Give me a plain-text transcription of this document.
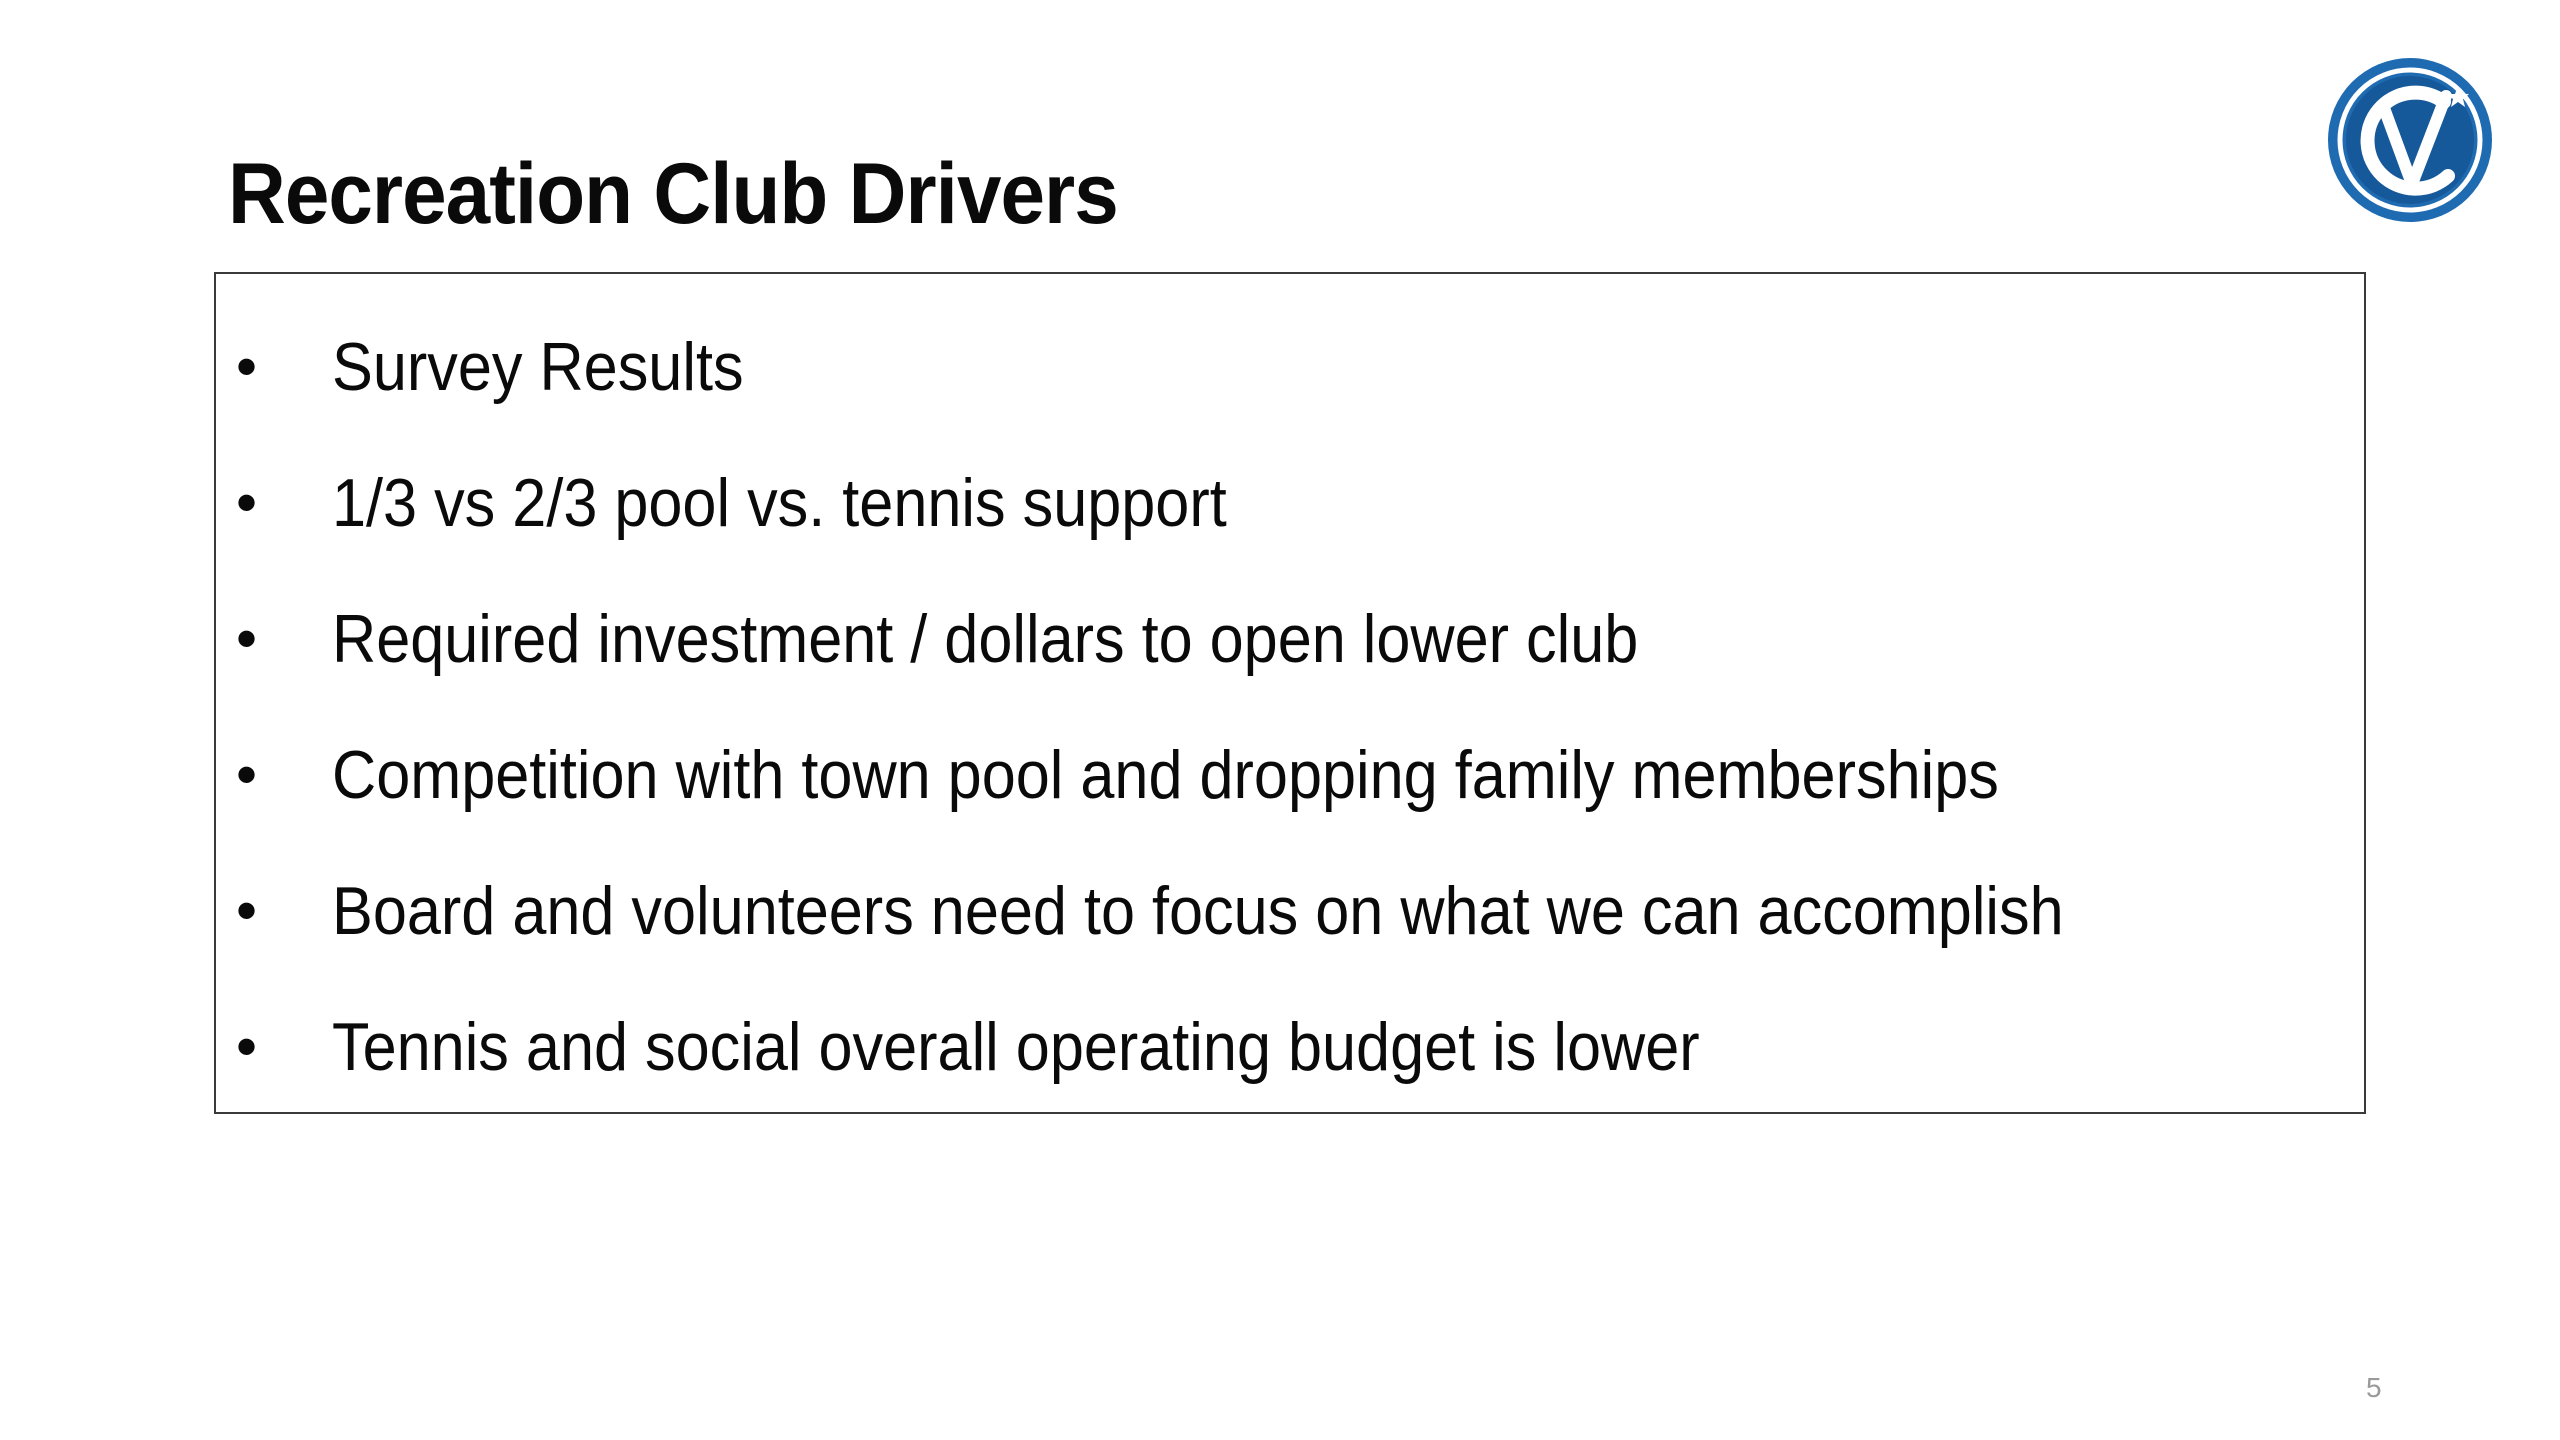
Recreation Club Drivers
• Survey Results
• 1/3 vs 2/3 pool vs. tennis support
• Required investment / dollars to open lower club
• Competition with town pool and dropping family memberships
• Board and volunteers need to focus on what we can accomplish
• Tennis and social overall operating budget is lower
5
